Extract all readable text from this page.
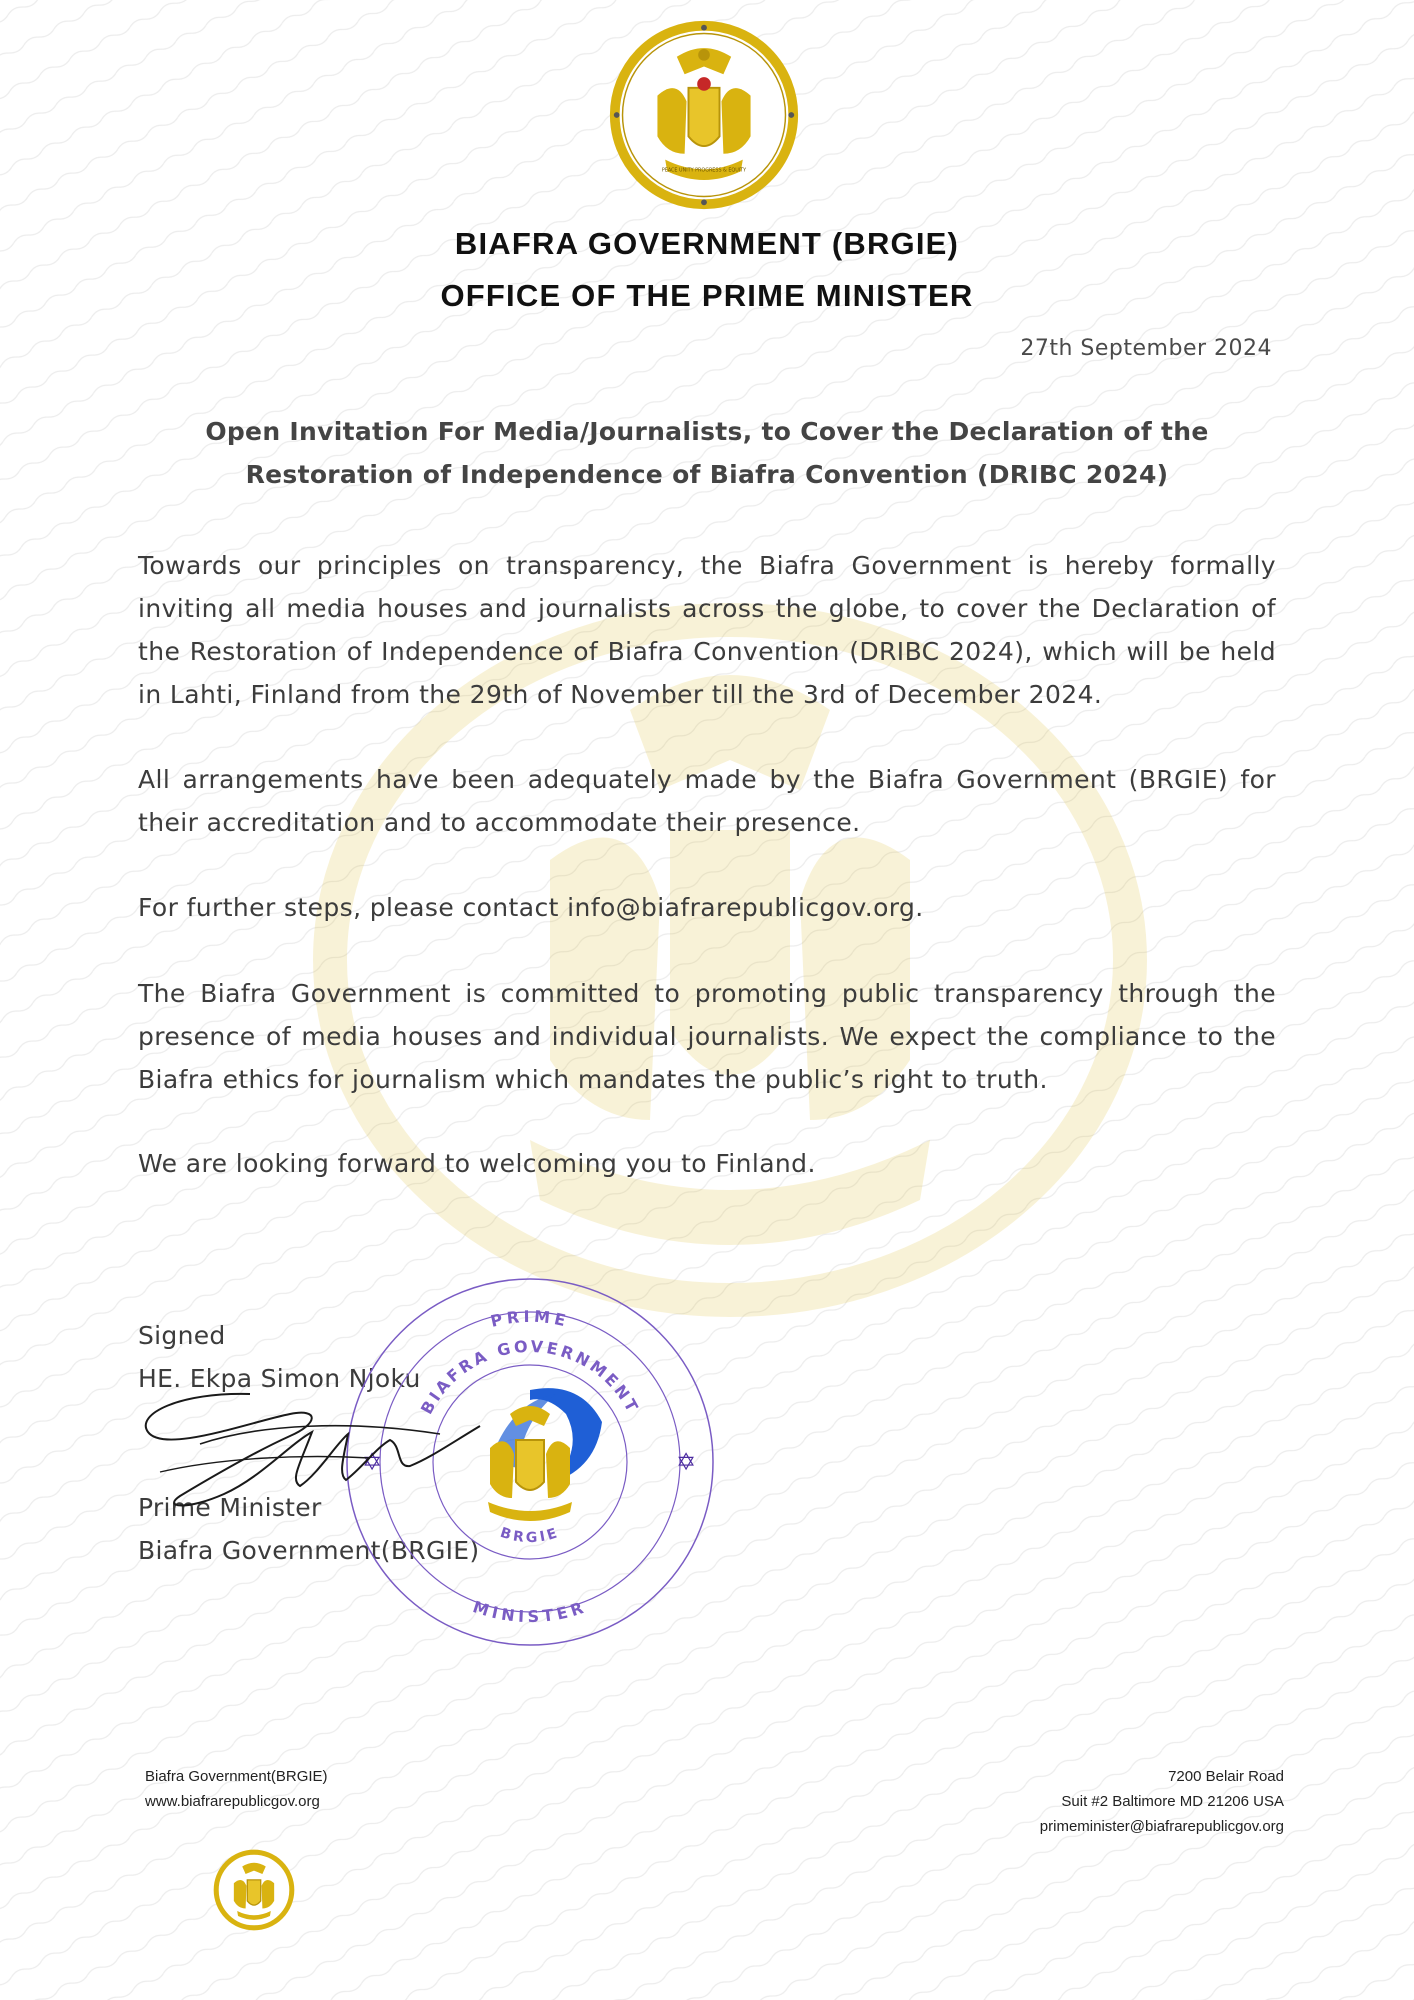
PEACE UNITY PROGRESS & EQUITY
BIAFRA GOVERNMENT (BRGIE)
OFFICE OF THE PRIME MINISTER
27th September 2024
Open Invitation For Media/Journalists, to Cover the Declaration of the Restoration of Independence of Biafra Convention (DRIBC 2024)

Towards our principles on transparency, the Biafra Government is hereby formally inviting all media houses and journalists across the globe, to cover the Declaration of the Restoration of Independence of Biafra Convention (DRIBC 2024), which will be held in Lahti, Finland from the 29th of November till the 3rd of December 2024.

All arrangements have been adequately made by the Biafra Government (BRGIE) for their accreditation and to accommodate their presence.

For further steps, please contact info@biafrarepublicgov.org.

The Biafra Government is committed to promoting public transparency through the presence of media houses and individual journalists. We expect the compliance to the Biafra ethics for journalism which mandates the public’s right to truth.

We are looking forward to welcoming you to Finland.

Signed
HE. Ekpa Simon Njoku
Prime Minister
Biafra Government(BRGIE)
PRIME
BIAFRA GOVERNMENT
BRGIE
MINISTER
✡	✡
Biafra Government(BRGIE)
www.biafrarepublicgov.org
7200 Belair Road
Suit #2 Baltimore MD 21206 USA
primeminister@biafrarepublicgov.org
